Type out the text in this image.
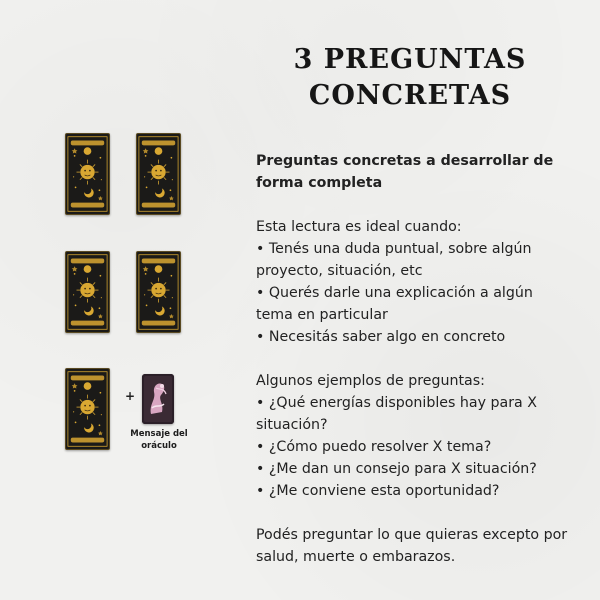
3 PREGUNTAS
CONCRETAS
+
Mensaje del
oráculo
Preguntas concretas a desarrollar de
forma completa

Esta lectura es ideal cuando:
• Tenés una duda puntual, sobre algún
proyecto, situación, etc
• Querés darle una explicación a algún
tema en particular
• Necesitás saber algo en concreto

Algunos ejemplos de preguntas:
• ¿Qué energías disponibles hay para X
situación?
• ¿Cómo puedo resolver X tema?
• ¿Me dan un consejo para X situación?
• ¿Me conviene esta oportunidad?

Podés preguntar lo que quieras excepto por
salud, muerte o embarazos.
